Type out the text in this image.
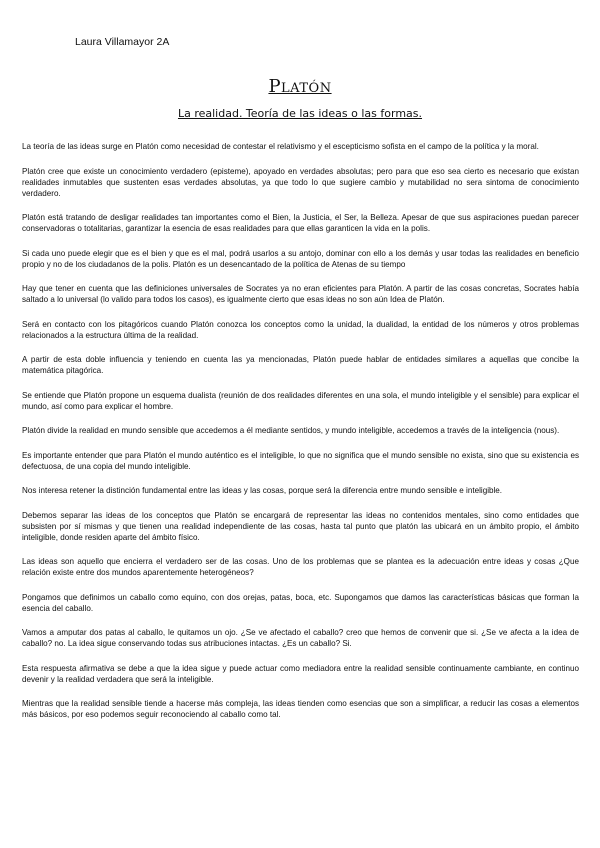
Laura Villamayor 2A
Platón
La realidad. Teoría de las ideas o las formas.

La teoría de las ideas surge en Platón como necesidad de contestar el relativismo y el escepticismo sofista en el campo de la política y la moral.

Platón cree que existe un conocimiento verdadero (episteme), apoyado en verdades absolutas; pero para que eso sea cierto es necesario que existan realidades inmutables que sustenten esas verdades absolutas, ya que todo lo que sugiere cambio y mutabilidad no sera sintoma de conocimiento verdadero.

Platón está tratando de desligar realidades tan importantes como el Bien, la Justicia, el Ser, la Belleza. Apesar de que sus aspiraciones puedan parecer conservadoras o totalitarias, garantizar la esencia de esas realidades para que ellas garanticen la vida en la polis.

Si cada uno puede elegir que es el bien y que es el mal, podrá usarlos a su antojo, dominar con ello a los demás y usar todas las realidades en beneficio propio y no de los ciudadanos de la polis. Platón es un desencantado de la política de Atenas de su tiempo

Hay que tener en cuenta que las definiciones universales de Socrates ya no eran eficientes para Platón. A partir de las cosas concretas, Socrates había saltado a lo universal (lo valido para todos los casos), es igualmente cierto que esas ideas no son aún Idea de Platón.

Será en contacto con los pitagóricos cuando Platón conozca los conceptos como la unidad, la dualidad, la entidad de los números y otros problemas relacionados a la estructura última de la realidad.

A partir de esta doble influencia y teniendo en cuenta las ya mencionadas, Platón puede hablar de entidades similares a aquellas que concibe la matemática pitagórica.

Se entiende que Platón propone un esquema dualista (reunión de dos realidades diferentes en una sola, el mundo inteligible y el sensible) para explicar el mundo, así como para explicar el hombre.

Platón divide la realidad en mundo sensible que accedemos a él mediante sentidos, y mundo inteligible, accedemos a través de la inteligencia (nous).

Es importante entender que para Platón el mundo auténtico es el inteligible, lo que no significa que el mundo sensible no exista, sino que su existencia es defectuosa, de una copia del mundo inteligible.

Nos interesa retener la distinción fundamental entre las ideas y las cosas, porque será la diferencia entre mundo sensible e inteligible.

Debemos separar las ideas de los conceptos que Platón se encargará de representar las ideas no contenidos mentales, sino como entidades que subsisten por sí mismas y que tienen una realidad independiente de las cosas, hasta tal punto que platón las ubicará en un ámbito propio, el ámbito inteligible, donde residen aparte del ámbito físico.

Las ideas son aquello que encierra el verdadero ser de las cosas. Uno de los problemas que se plantea es la adecuación entre ideas y cosas ¿Que relación existe entre dos mundos aparentemente heterogéneos?

Pongamos que definimos un caballo como equino, con dos orejas, patas, boca, etc. Supongamos que damos las características básicas que forman la esencia del caballo.

Vamos a amputar dos patas al caballo, le quitamos un ojo. ¿Se ve afectado el caballo? creo que hemos de convenir que si. ¿Se ve afecta a la idea de caballo? no. La idea sigue conservando todas sus atribuciones intactas. ¿Es un caballo? Si.

Esta respuesta afirmativa se debe a que la idea sigue y puede actuar como mediadora entre la realidad sensible continuamente cambiante, en continuo devenir y la realidad verdadera que será la inteligible.

Mientras que la realidad sensible tiende a hacerse más compleja, las ideas tienden como esencias que son a simplificar, a reducir las cosas a elementos más básicos, por eso podemos seguir reconociendo al caballo como tal.
